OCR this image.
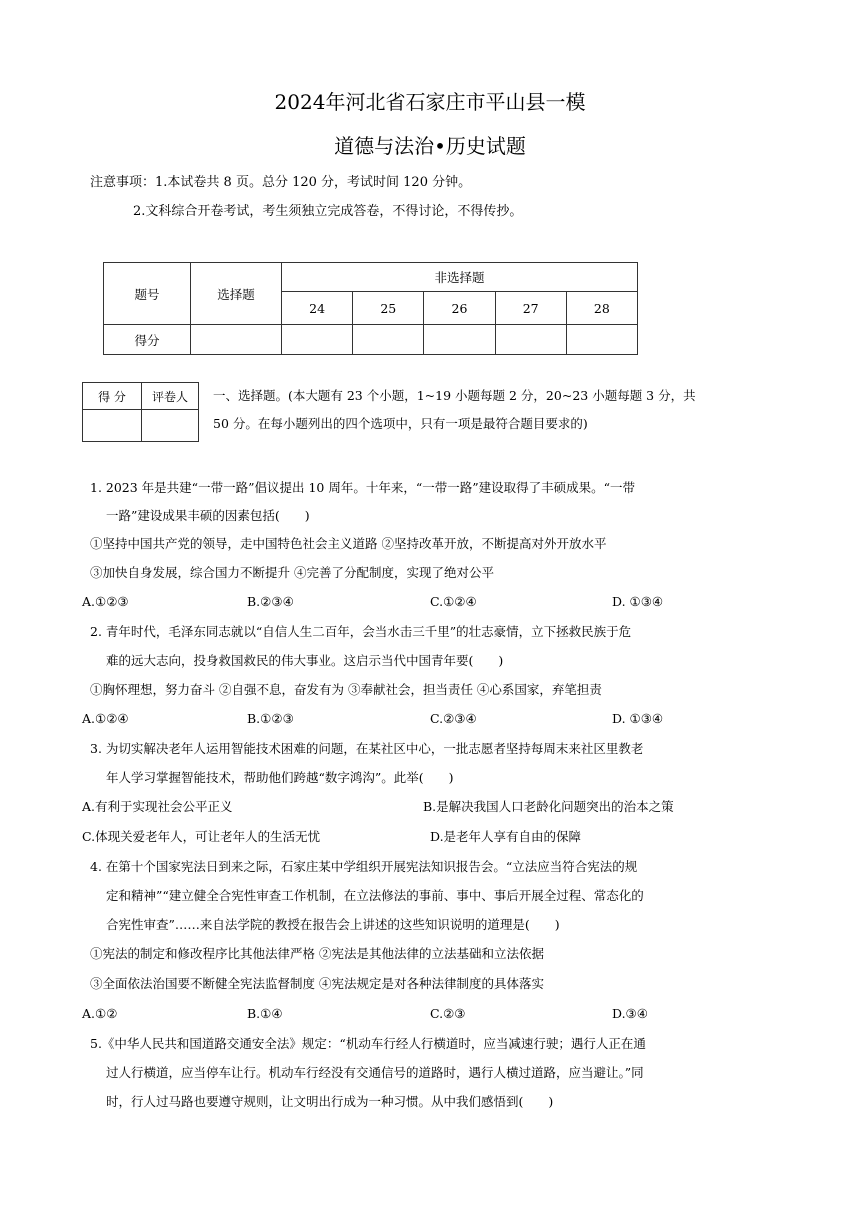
2024年河北省石家庄市平山县一模
道德与法治•历史试题
注意事项：1.本试卷共 8 页。总分 120 分，考试时间 120 分钟。
2.文科综合开卷考试，考生须独立完成答卷，不得讨论，不得传抄。
题号	选择题	非选择题				
		24	25	26	27	28
得分						
得 分	评卷人
	一、选择题。(本大题有 23 个小题，1~19 小题每题 2 分，20~23 小题每题 3 分，共
50 分。在每小题列出的四个选项中，只有一项是最符合题目要求的)
1. 2023 年是共建“一带一路”倡议提出 10 周年。十年来，“一带一路”建设取得了丰硕成果。“一带
一路”建设成果丰硕的因素包括(　　)
①坚持中国共产党的领导，走中国特色社会主义道路 ②坚持改革开放，不断提高对外开放水平
③加快自身发展，综合国力不断提升 ④完善了分配制度，实现了绝对公平
A.①②③	B.②③④	C.①②④	D. ①③④
2. 青年时代，毛泽东同志就以“自信人生二百年，会当水击三千里”的壮志豪情，立下拯救民族于危
难的远大志向，投身救国救民的伟大事业。这启示当代中国青年要(　　)
①胸怀理想，努力奋斗 ②自强不息，奋发有为 ③奉献社会，担当责任 ④心系国家，弃笔担责
A.①②④	B.①②③	C.②③④	D. ①③④
3. 为切实解决老年人运用智能技术困难的问题，在某社区中心，一批志愿者坚持每周末来社区里教老
年人学习掌握智能技术，帮助他们跨越“数字鸿沟”。此举(　　)
A.有利于实现社会公平正义	B.是解决我国人口老龄化问题突出的治本之策
C.体现关爱老年人，可让老年人的生活无忧	D.是老年人享有自由的保障
4. 在第十个国家宪法日到来之际，石家庄某中学组织开展宪法知识报告会。“立法应当符合宪法的规
定和精神”“建立健全合宪性审查工作机制，在立法修法的事前、事中、事后开展全过程、常态化的
合宪性审查”……来自法学院的教授在报告会上讲述的这些知识说明的道理是(　　)
①宪法的制定和修改程序比其他法律严格 ②宪法是其他法律的立法基础和立法依据
③全面依法治国要不断健全宪法监督制度 ④宪法规定是对各种法律制度的具体落实
A.①②	B.①④	C.②③	D.③④
5.《中华人民共和国道路交通安全法》规定：“机动车行经人行横道时，应当减速行驶；遇行人正在通
过人行横道，应当停车让行。机动车行经没有交通信号的道路时，遇行人横过道路，应当避让。”同
时，行人过马路也要遵守规则，让文明出行成为一种习惯。从中我们感悟到(　　)
